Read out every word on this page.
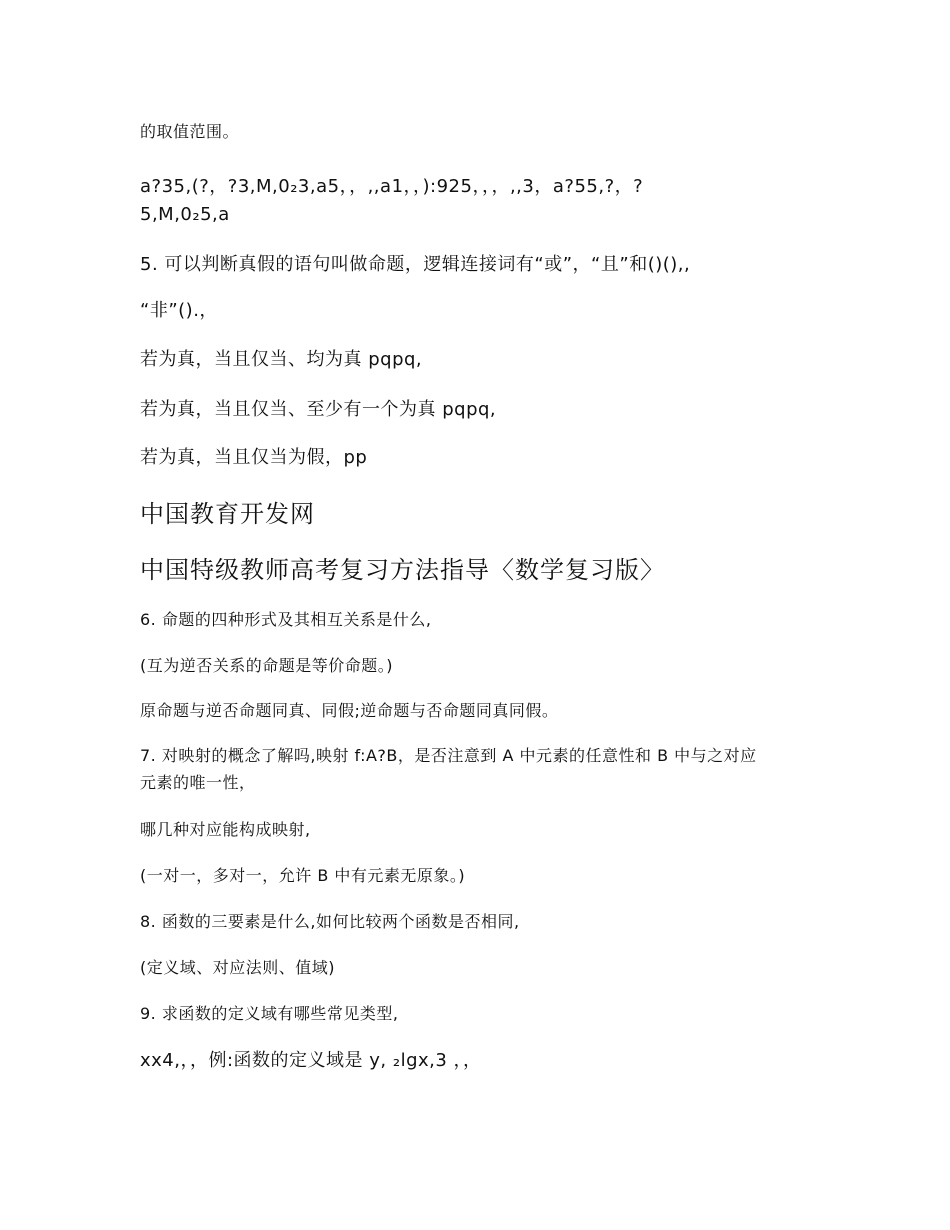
的取值范围。
a?35,(?，?3,M,0₂3,a5，，,,a1，，):925，，，,,3，a?55,?，?
5,M,0₂5,a
5. 可以判断真假的语句叫做命题，逻辑连接词有“或”，“且”和()(),,
“非”().，
若为真，当且仅当、均为真 pqpq,
若为真，当且仅当、至少有一个为真 pqpq,
若为真，当且仅当为假，pp
中国教育开发网
中国特级教师高考复习方法指导〈数学复习版〉
6. 命题的四种形式及其相互关系是什么,
(互为逆否关系的命题是等价命题。)
原命题与逆否命题同真、同假;逆命题与否命题同真同假。
7. 对映射的概念了解吗,映射 f:A?B，是否注意到 A 中元素的任意性和 B 中与之对应
元素的唯一性，
哪几种对应能构成映射,
(一对一，多对一，允许 B 中有元素无原象。)
8. 函数的三要素是什么,如何比较两个函数是否相同,
(定义域、对应法则、值域)
9. 求函数的定义域有哪些常见类型,
xx4,，，例:函数的定义域是 y, ₂lgx,3 ，，
